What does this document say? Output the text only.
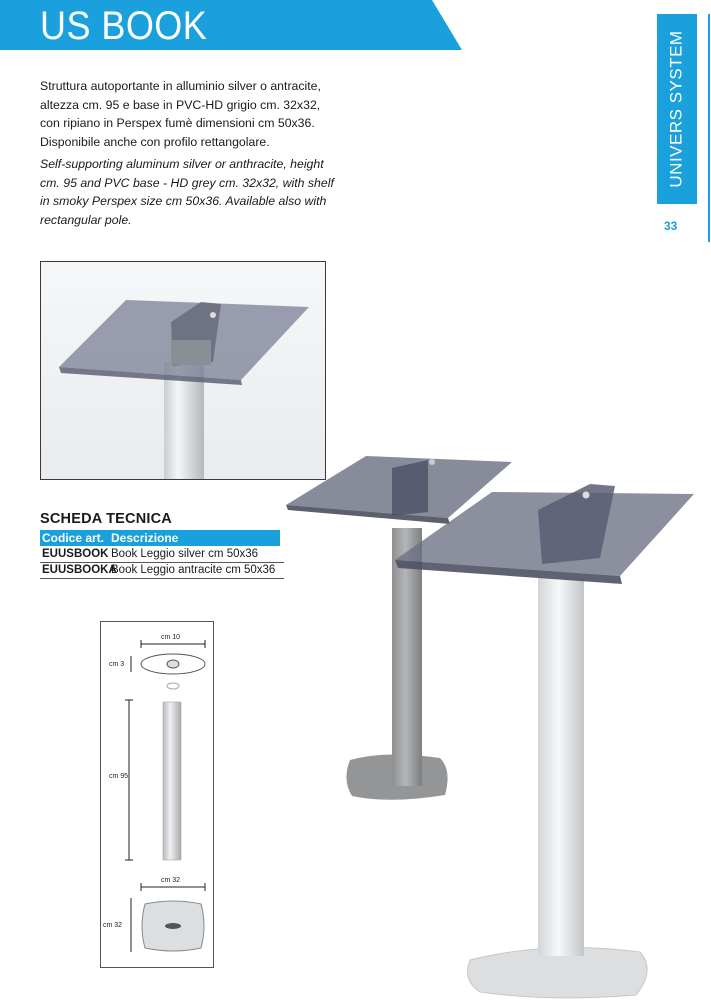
US BOOK
UNIVERS SYSTEM
33
Struttura autoportante in alluminio silver o antracite, altezza cm. 95 e base in PVC-HD grigio cm. 32x32, con ripiano in Perspex fumè dimensioni cm 50x36. Disponibile anche con profilo rettangolare.
Self-supporting aluminum silver or anthracite, height cm. 95 and PVC base - HD grey cm. 32x32, with shelf in smoky Perspex size cm 50x36. Available also with rectangular pole.
SCHEDA TECNICA
Codice art. Descrizione
EUUSBOOK Book Leggio silver cm 50x36
EUUSBOOKA
Book Leggio antracite cm 50x36
cm 10
cm 3
cm 95
cm 32
cm 32
